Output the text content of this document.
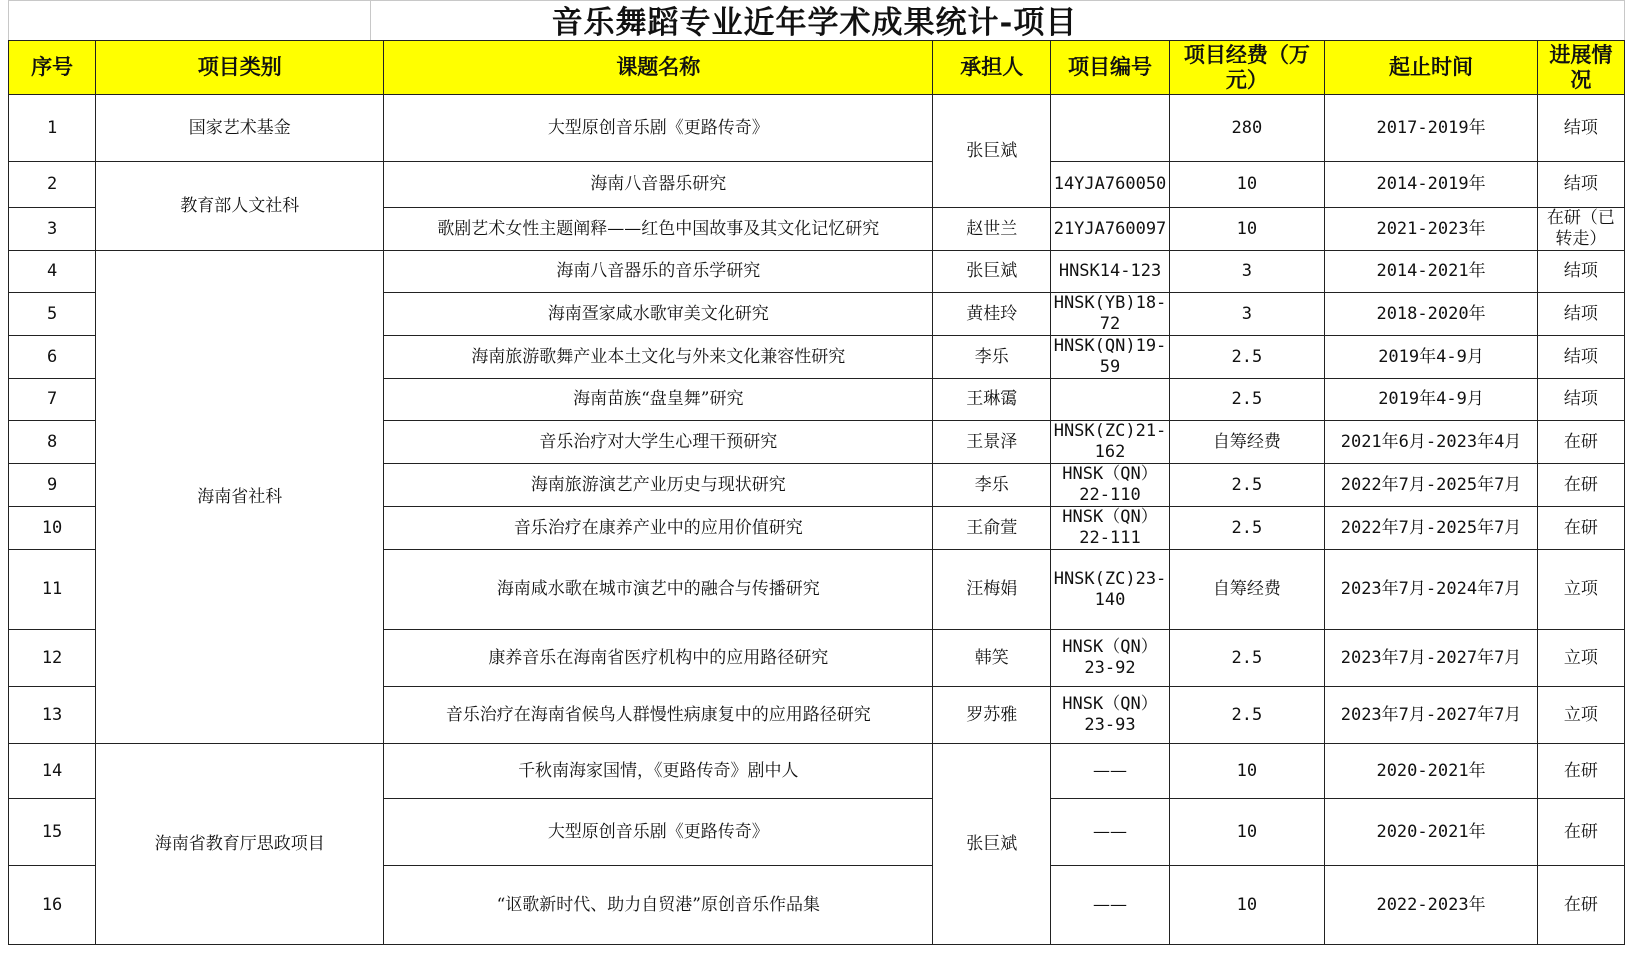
音乐舞蹈专业近年学术成果统计-项目
序号	项目类别	课题名称	承担人	项目编号	项目经费（万元）	起止时间	进展情况
1	国家艺术基金	大型原创音乐剧《更路传奇》	张巨斌		280	2017-2019年	结项
2	教育部人文社科	海南八音器乐研究		14YJA760050	10	2014-2019年	结项
3		歌剧艺术女性主题阐释——红色中国故事及其文化记忆研究	赵世兰	21YJA760097	10	2021-2023年	在研（已转走）
4	海南省社科	海南八音器乐的音乐学研究	张巨斌	HNSK14-123	3	2014-2021年	结项
5		海南疍家咸水歌审美文化研究	黄桂玲	HNSK(YB)18-72	3	2018-2020年	结项
6		海南旅游歌舞产业本土文化与外来文化兼容性研究	李乐	HNSK(QN)19-59	2.5	2019年4-9月	结项
7		海南苗族“盘皇舞”研究	王琳霭		2.5	2019年4-9月	结项
8		音乐治疗对大学生心理干预研究	王景泽	HNSK(ZC)21-162	自筹经费	2021年6月-2023年4月	在研
9		海南旅游演艺产业历史与现状研究	李乐	HNSK（QN）22-110	2.5	2022年7月-2025年7月	在研
10		音乐治疗在康养产业中的应用价值研究	王俞萱	HNSK（QN）22-111	2.5	2022年7月-2025年7月	在研
11		海南咸水歌在城市演艺中的融合与传播研究	汪梅娟	HNSK(ZC)23-140	自筹经费	2023年7月-2024年7月	立项
12		康养音乐在海南省医疗机构中的应用路径研究	韩笑	HNSK（QN）23-92	2.5	2023年7月-2027年7月	立项
13		音乐治疗在海南省候鸟人群慢性病康复中的应用路径研究	罗苏雅	HNSK（QN）23-93	2.5	2023年7月-2027年7月	立项
14	海南省教育厅思政项目	千秋南海家国情，《更路传奇》剧中人	张巨斌	——	10	2020-2021年	在研
15		大型原创音乐剧《更路传奇》		——	10	2020-2021年	在研
16		“讴歌新时代、助力自贸港”原创音乐作品集		——	10	2022-2023年	在研
